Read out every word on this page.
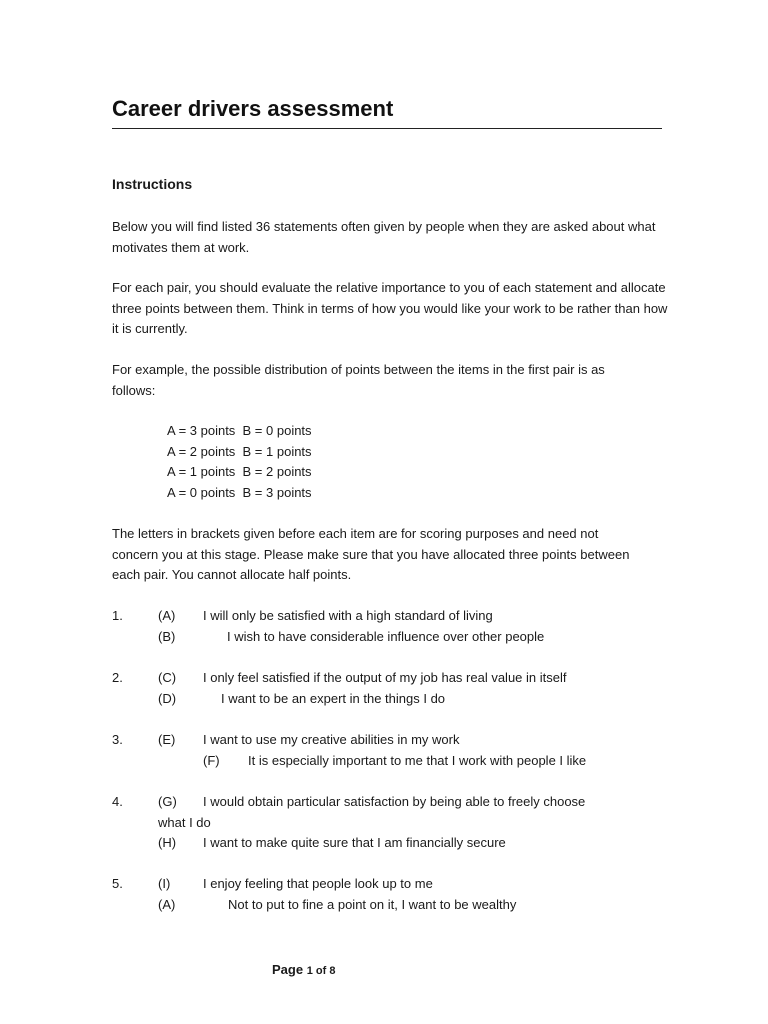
Career drivers assessment
Instructions

Below you will find listed 36 statements often given by people when they are asked about what motivates them at work.

For each pair, you should evaluate the relative importance to you of each statement and allocate three points between them. Think in terms of how you would like your work to be rather than how it is currently.

For example, the possible distribution of points between the items in the first pair is as follows:

A = 3 points  B = 0 points
A = 2 points  B = 1 points
A = 1 points  B = 2 points
A = 0 points  B = 3 points

The letters in brackets given before each item are for scoring purposes and need not concern you at this stage. Please make sure that you have allocated three points between each pair. You cannot allocate half points.

1.	(A) I will only be satisfied with a high standard of living
(B)	I wish to have considerable influence over other people
2.	(C) I only feel satisfied if the output of my job has real value in itself
(D)	I want to be an expert in the things I do
3.	(E) I want to use my creative abilities in my work
(F) It is especially important to me that I work with people I like
4.	(G) I would obtain particular satisfaction by being able to freely choose
what I do
(H) I want to make quite sure that I am financially secure
5.	(I)	I enjoy feeling that people look up to me
(A)	Not to put to fine a point on it, I want to be wealthy
Page 1 of 8
